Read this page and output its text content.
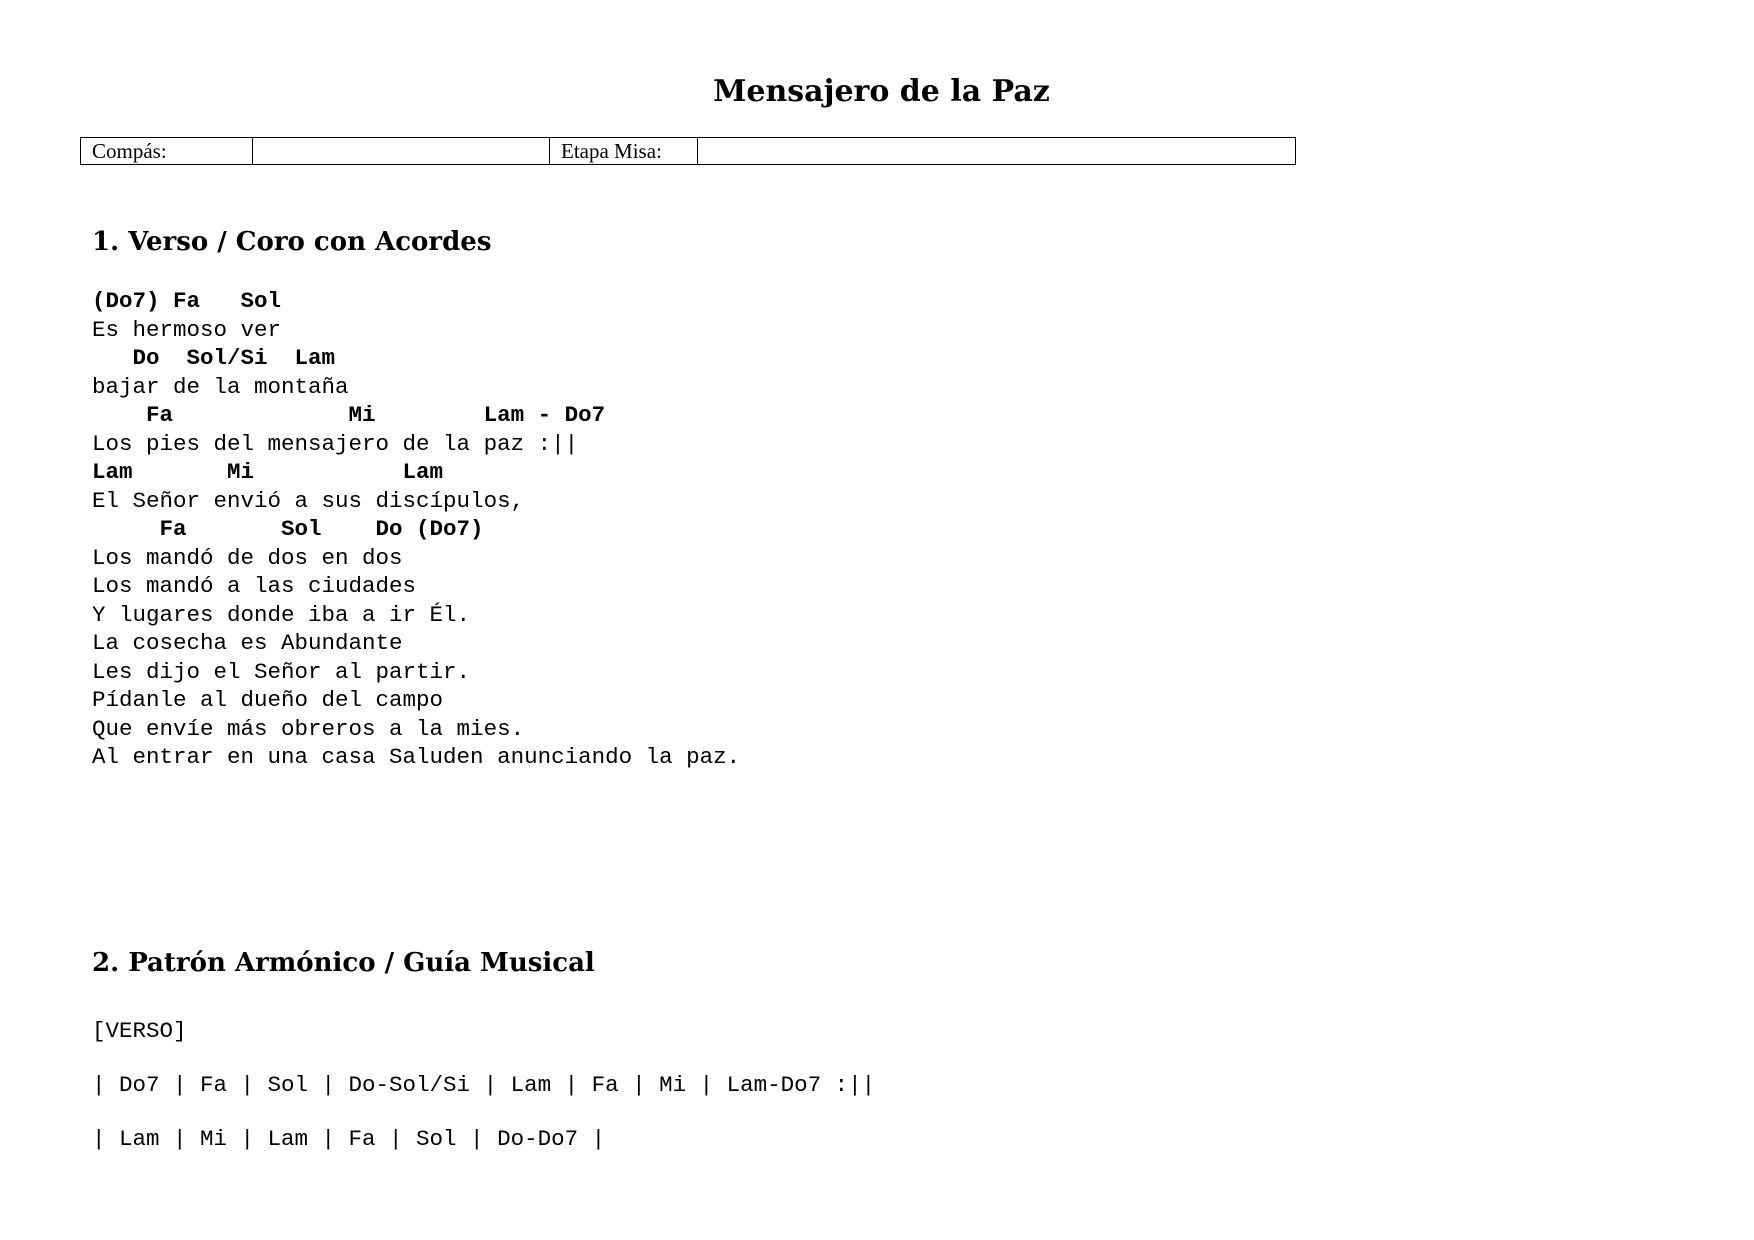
Mensajero de la Paz
Compás:		Etapa Misa:	
1. Verso / Coro con Acordes
(Do7) Fa   Sol
Es hermoso ver
Do  Sol/Si  Lam
bajar de la montaña
Fa             Mi        Lam - Do7
Los pies del mensajero de la paz :||
Lam       Mi           Lam
El Señor envió a sus discípulos,
Fa       Sol    Do (Do7)
Los mandó de dos en dos
Los mandó a las ciudades
Y lugares donde iba a ir Él.
La cosecha es Abundante
Les dijo el Señor al partir.
Pídanle al dueño del campo
Que envíe más obreros a la mies.
Al entrar en una casa Saluden anunciando la paz.
2. Patrón Armónico / Guía Musical
[VERSO]
| Do7 | Fa | Sol | Do-Sol/Si | Lam | Fa | Mi | Lam-Do7 :||
| Lam | Mi | Lam | Fa | Sol | Do-Do7 |
